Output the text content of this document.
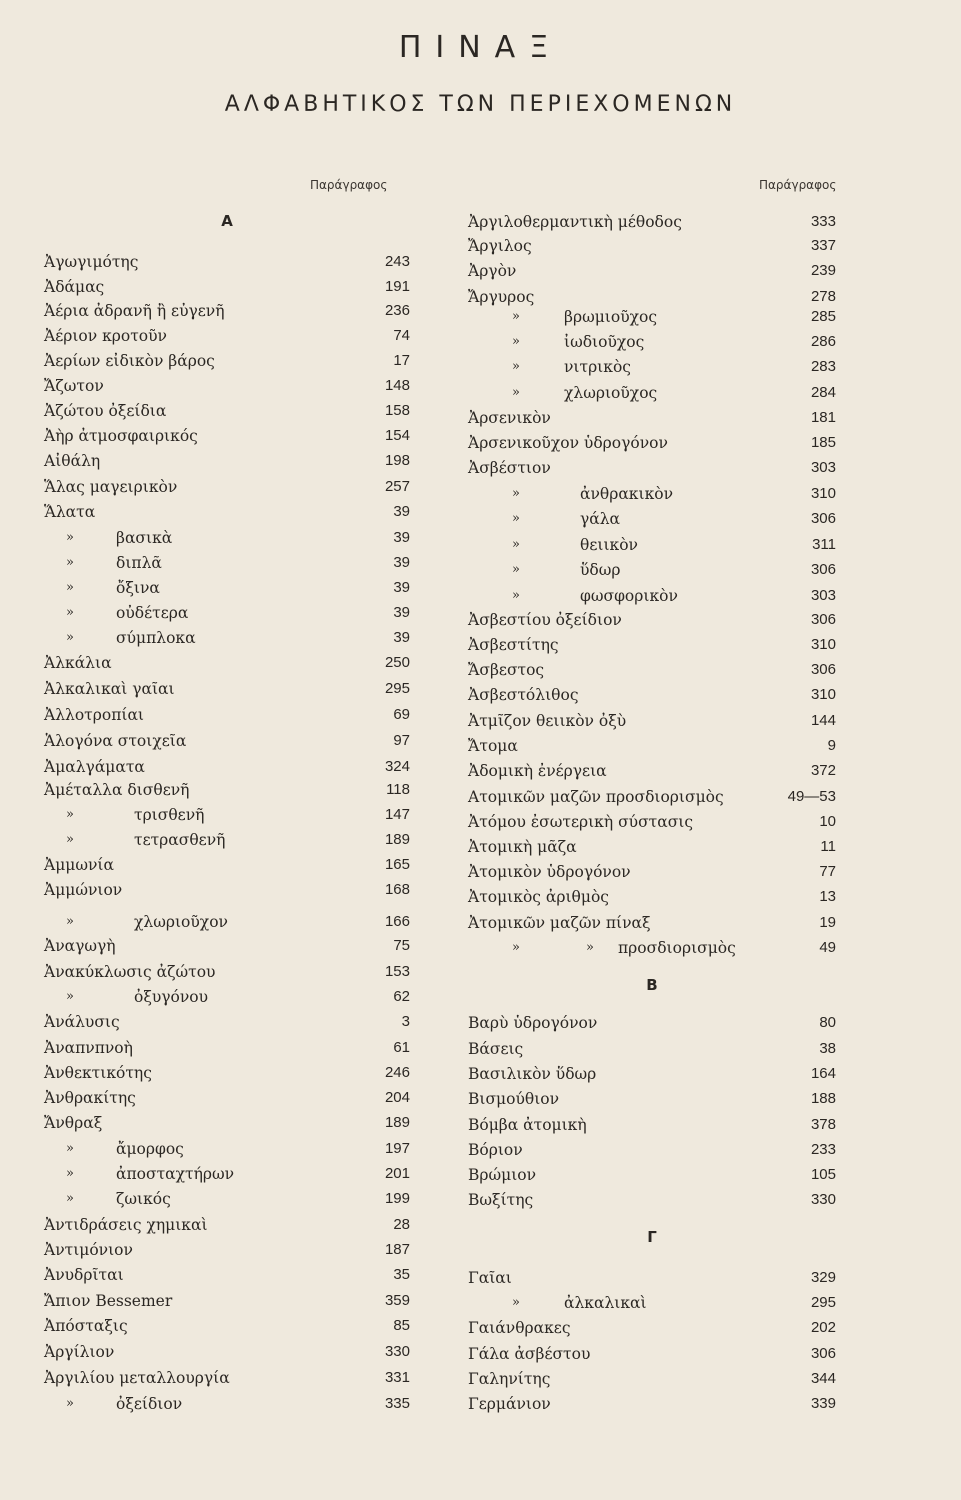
ΠΙΝΑΞ
ΑΛΦΑΒΗΤΙΚΟΣ ΤΩΝ ΠΕΡΙΕΧΟΜΕΝΩΝ
Παράγραφος	Παράγραφος
Α
Ἀγωγιμότης	243
Ἀδάμας	191
Ἀέρια ἀδρανῆ ἢ εὐγενῆ	236
Ἀέριον κροτοῦν	74
Ἀερίων εἰδικὸν βάρος	17
Ἄζωτον	148
Ἀζώτου ὀξείδια	158
Ἀὴρ ἀτμοσφαιρικός	154
Αἰθάλη	198
Ἅλας μαγειρικὸν	257
Ἅλατα	39
»	βασικὰ	39
»	διπλᾶ	39
»	ὄξινα	39
»	οὐδέτερα	39
»	σύμπλοκα	39
Ἀλκάλια	250
Ἀλκαλικαὶ γαῖαι	295
Ἀλλοτροπίαι	69
Ἁλογόνα στοιχεῖα	97
Ἀμαλγάματα	324
Ἀμέταλλα δισθενῆ	118
»	τρισθενῆ	147
»	τετρασθενῆ	189
Ἀμμωνία	165
Ἀμμώνιον	168
»	χλωριοῦχον	166
Ἀναγωγὴ	75
Ἀνακύκλωσις ἀζώτου	153
»	ὀξυγόνου	62
Ἀνάλυσις	3
Ἀναπνπνοὴ	61
Ἀνθεκτικότης	246
Ἀνθρακίτης	204
Ἄνθραξ	189
»	ἄμορφος	197
»	ἀποσταχτήρων	201
»	ζωικός	199
Ἀντιδράσεις χημικαὶ	28
Ἀντιμόνιον	187
Ἀνυδρῖται	35
Ἄπιον Bessemer	359
Ἀπόσταξις	85
Ἀργίλιον	330
Ἀργιλίου μεταλλουργία	331
»	ὀξείδιον	335
Ἀργιλοθερμαντικὴ μέθοδος	333
Ἄργιλος	337
Ἀργὸν	239
Ἄργυρος	278
»	βρωμιοῦχος	285
»	ἰωδιοῦχος	286
»	νιτρικὸς	283
»	χλωριοῦχος	284
Ἀρσενικὸν	181
Ἀρσενικοῦχον ὑδρογόνον	185
Ἀσβέστιον	303
»	ἀνθρακικὸν	310
»	γάλα	306
»	θειικὸν	311
»	ὕδωρ	306
»	φωσφορικὸν	303
Ἀσβεστίου ὀξείδιον	306
Ἀσβεστίτης	310
Ἄσβεστος	306
Ἀσβεστόλιθος	310
Ἀτμῖζον θειικὸν ὀξὺ	144
Ἄτομα	9
Ἀδομικὴ ἐνέργεια	372
Ατομικῶν μαζῶν προσδιορισμὸς	49—53
Ἀτόμου ἐσωτερικὴ σύστασις	10
Ἀτομικὴ μᾶζα	11
Ἀτομικὸν ὑδρογόνον	77
Ἀτομικὸς ἀριθμὸς	13
Ἀτομικῶν μαζῶν πίναξ	19
»	» προσδιορισμὸς	49
Β
Βαρὺ ὑδρογόνον	80
Βάσεις	38
Βασιλικὸν ὕδωρ	164
Βισμούθιον	188
Βόμβα ἀτομικὴ	378
Βόριον	233
Βρώμιον	105
Βωξίτης	330
Γ
Γαῖαι	329
»	ἀλκαλικαὶ	295
Γαιάνθρακες	202
Γάλα ἀσβέστου	306
Γαληνίτης	344
Γερμάνιον	339
